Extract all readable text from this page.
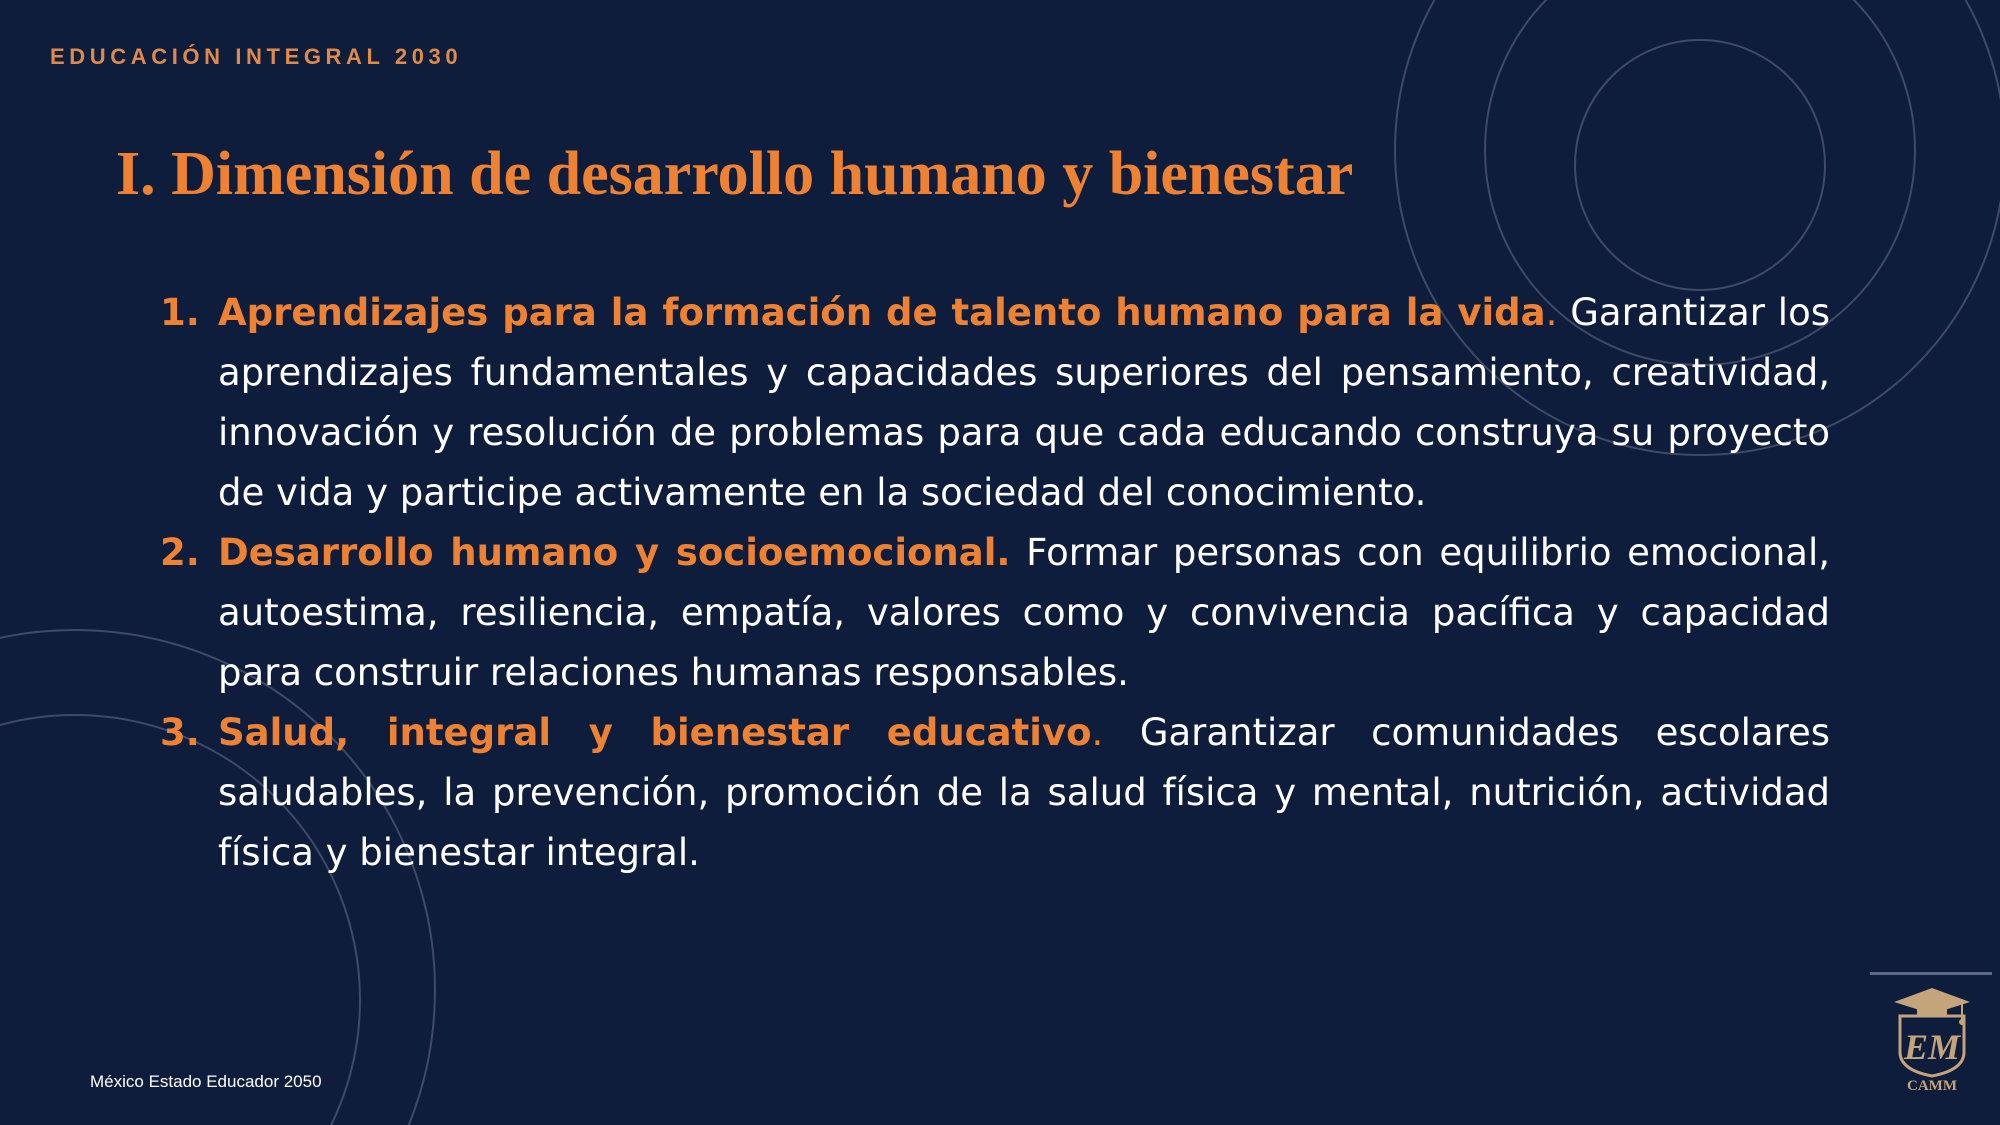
EDUCACIÓN INTEGRAL 2030
I. Dimensión de desarrollo humano y bienestar
1. Aprendizajes para la formación de talento humano para la vida. Garantizar los aprendizajes fundamentales y capacidades superiores del pensamiento, creatividad, innovación y resolución de problemas para que cada educando construya su proyecto de vida y participe activamente en la sociedad del conocimiento.
2. Desarrollo humano y socioemocional. Formar personas con equilibrio emocional, autoestima, resiliencia, empatía, valores como y convivencia pacífica y capacidad para construir relaciones humanas responsables.
3. Salud, integral y bienestar educativo. Garantizar comunidades escolares saludables, la prevención, promoción de la salud física y mental, nutrición, actividad física y bienestar integral.
EM
CAMM
México Estado Educador 2050
